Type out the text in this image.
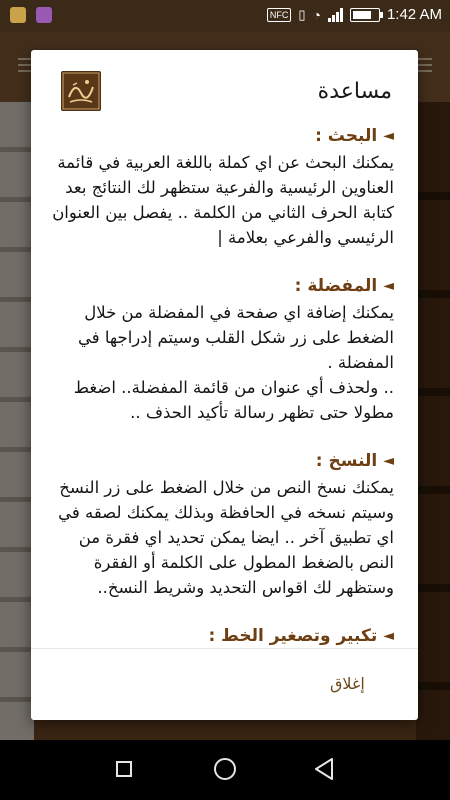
NFC ▯ ◔	1:42 AM
مساعدة
◄
البحث :

يمكنك البحث عن اي كملة باللغة العربية في قائمة العناوين الرئيسية والفرعية ستظهر لك النتائج بعد كتابة الحرف الثاني من الكلمة .. يفصل بين العنوان الرئيسي والفرعي بعلامة |

◄
المفضلة :

يمكنك إضافة اي صفحة في المفضلة من خلال الضغط على زر شكل القلب وسيتم إدراجها في المفضلة .
.. ولحذف أي عنوان من قائمة المفضلة.. اضغط مطولا حتى تظهر رسالة تأكيد الحذف ..

◄
النسخ :

يمكنك نسخ النص من خلال الضغط على زر النسخ وسيتم نسخه في الحافظة وبذلك يمكنك لصقه في اي تطبيق آخر .. ايضا يمكن تحديد اي فقرة من النص بالضغط المطول على الكلمة أو الفقرة وستظهر لك اقواس التحديد وشريط النسخ..

◄
تكبير وتصغير الخط :

إغلاق
